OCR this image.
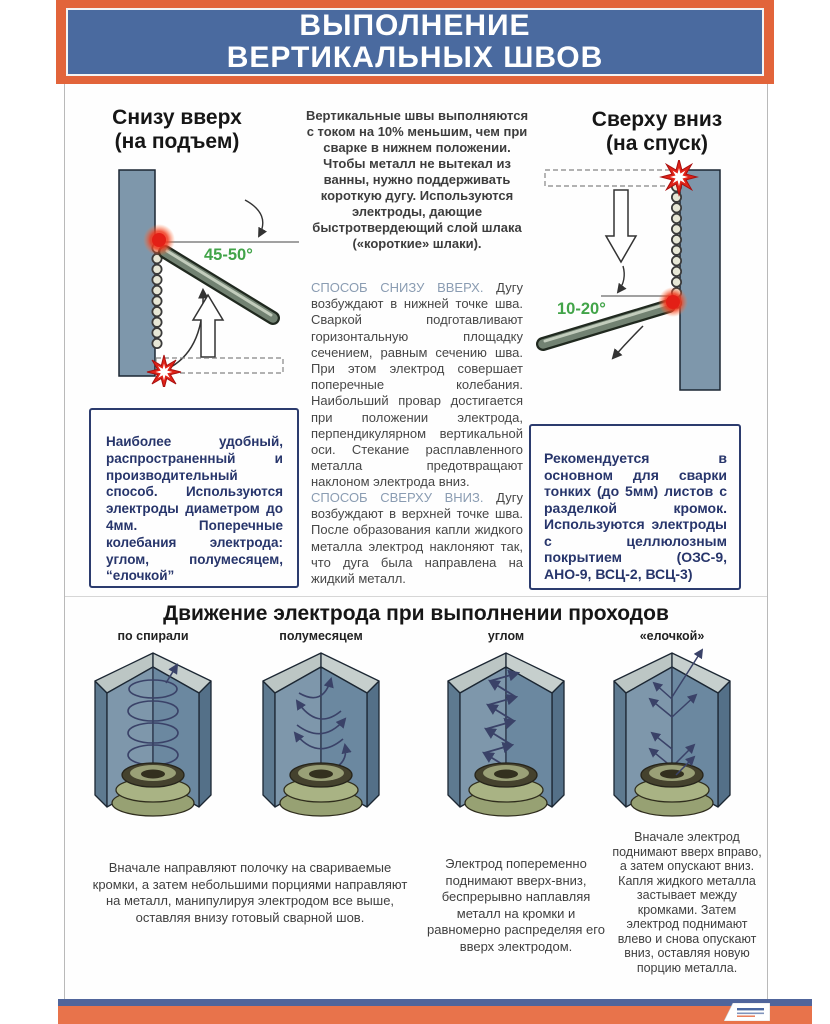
ВЫПОЛНЕНИЕ
ВЕРТИКАЛЬНЫХ ШВОВ
Снизу вверх
(на подъем)
Вертикальные швы выполняются с током на 10% меньшим, чем при сварке в нижнем положении. Чтобы металл не вытекал из ванны, нужно поддерживать короткую дугу. Используются электроды, дающие быстротвердеющий слой шлака («короткие» шлаки).
Сверху вниз
(на спуск)
45-50°
10-20°

СПОСОБ СНИЗУ ВВЕРХ. Дугу возбуждают в нижней точке шва. Сваркой подготавливают горизонтальную площадку сечением, равным сечению шва. При этом электрод совершает поперечные колебания. Наибольший провар достигается при положении электрода, перпендикулярном вертикальной оси. Стекание расплавленного металла предотвращают наклоном электрода вниз.

СПОСОБ СВЕРХУ ВНИЗ. Дугу возбуждают в верхней точке шва. После образования капли жидкого металла электрод наклоняют так, что дуга была направлена на жидкий металл.

Наиболее удобный, распространенный и производительный способ. Используются электроды диаметром до 4мм. Поперечные колебания электрода: углом, полумесяцем, “елочкой”
Рекомендуется в основном для сварки тонких (до 5мм) листов с разделкой кромок. Используются электроды с целлюлозным покрытием (ОЗС-9, АНО-9, ВСЦ-2, ВСЦ-3)
Движение электрода при выполнении проходов
по спирали	полумесяцем	углом	«елочкой»
Вначале направляют полочку на свариваемые кромки, а затем небольшими порциями направляют на металл, манипулируя электродом все выше, оставляя внизу готовый сварной шов.
Электрод попеременно поднимают вверх-вниз, беспрерывно наплавляя металл на кромки и равномерно распределяя его вверх электродом.
Вначале электрод поднимают вверх вправо, а затем опускают вниз. Капля жидкого металла застывает между кромками. Затем электрод поднимают влево и снова опускают вниз, оставляя новую порцию металла.
